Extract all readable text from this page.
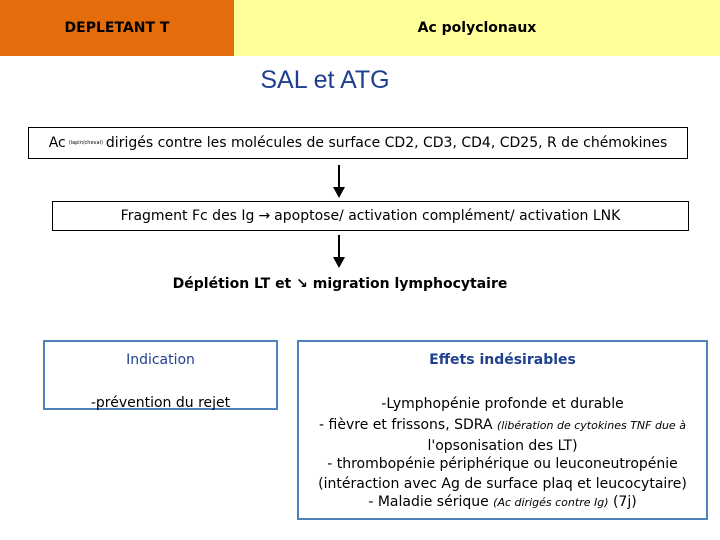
DEPLETANT T	Ac polyclonaux
SAL et ATG
Ac (lapin/cheval) dirigés contre les molécules de surface CD2, CD3, CD4, CD25, R de chémokines
Fragment Fc des Ig → apoptose/ activation complément/ activation LNK
Déplétion LT et ↘ migration lymphocytaire
Indication
-prévention du rejet
Effets indésirables
-Lymphopénie profonde et durable
- fièvre et frissons, SDRA (libération de cytokines TNF due à
l'opsonisation des LT)
- thrombopénie périphérique ou leuconeutropénie
(intéraction avec Ag de surface plaq et leucocytaire)
- Maladie sérique (Ac dirigés contre Ig) (7j)
